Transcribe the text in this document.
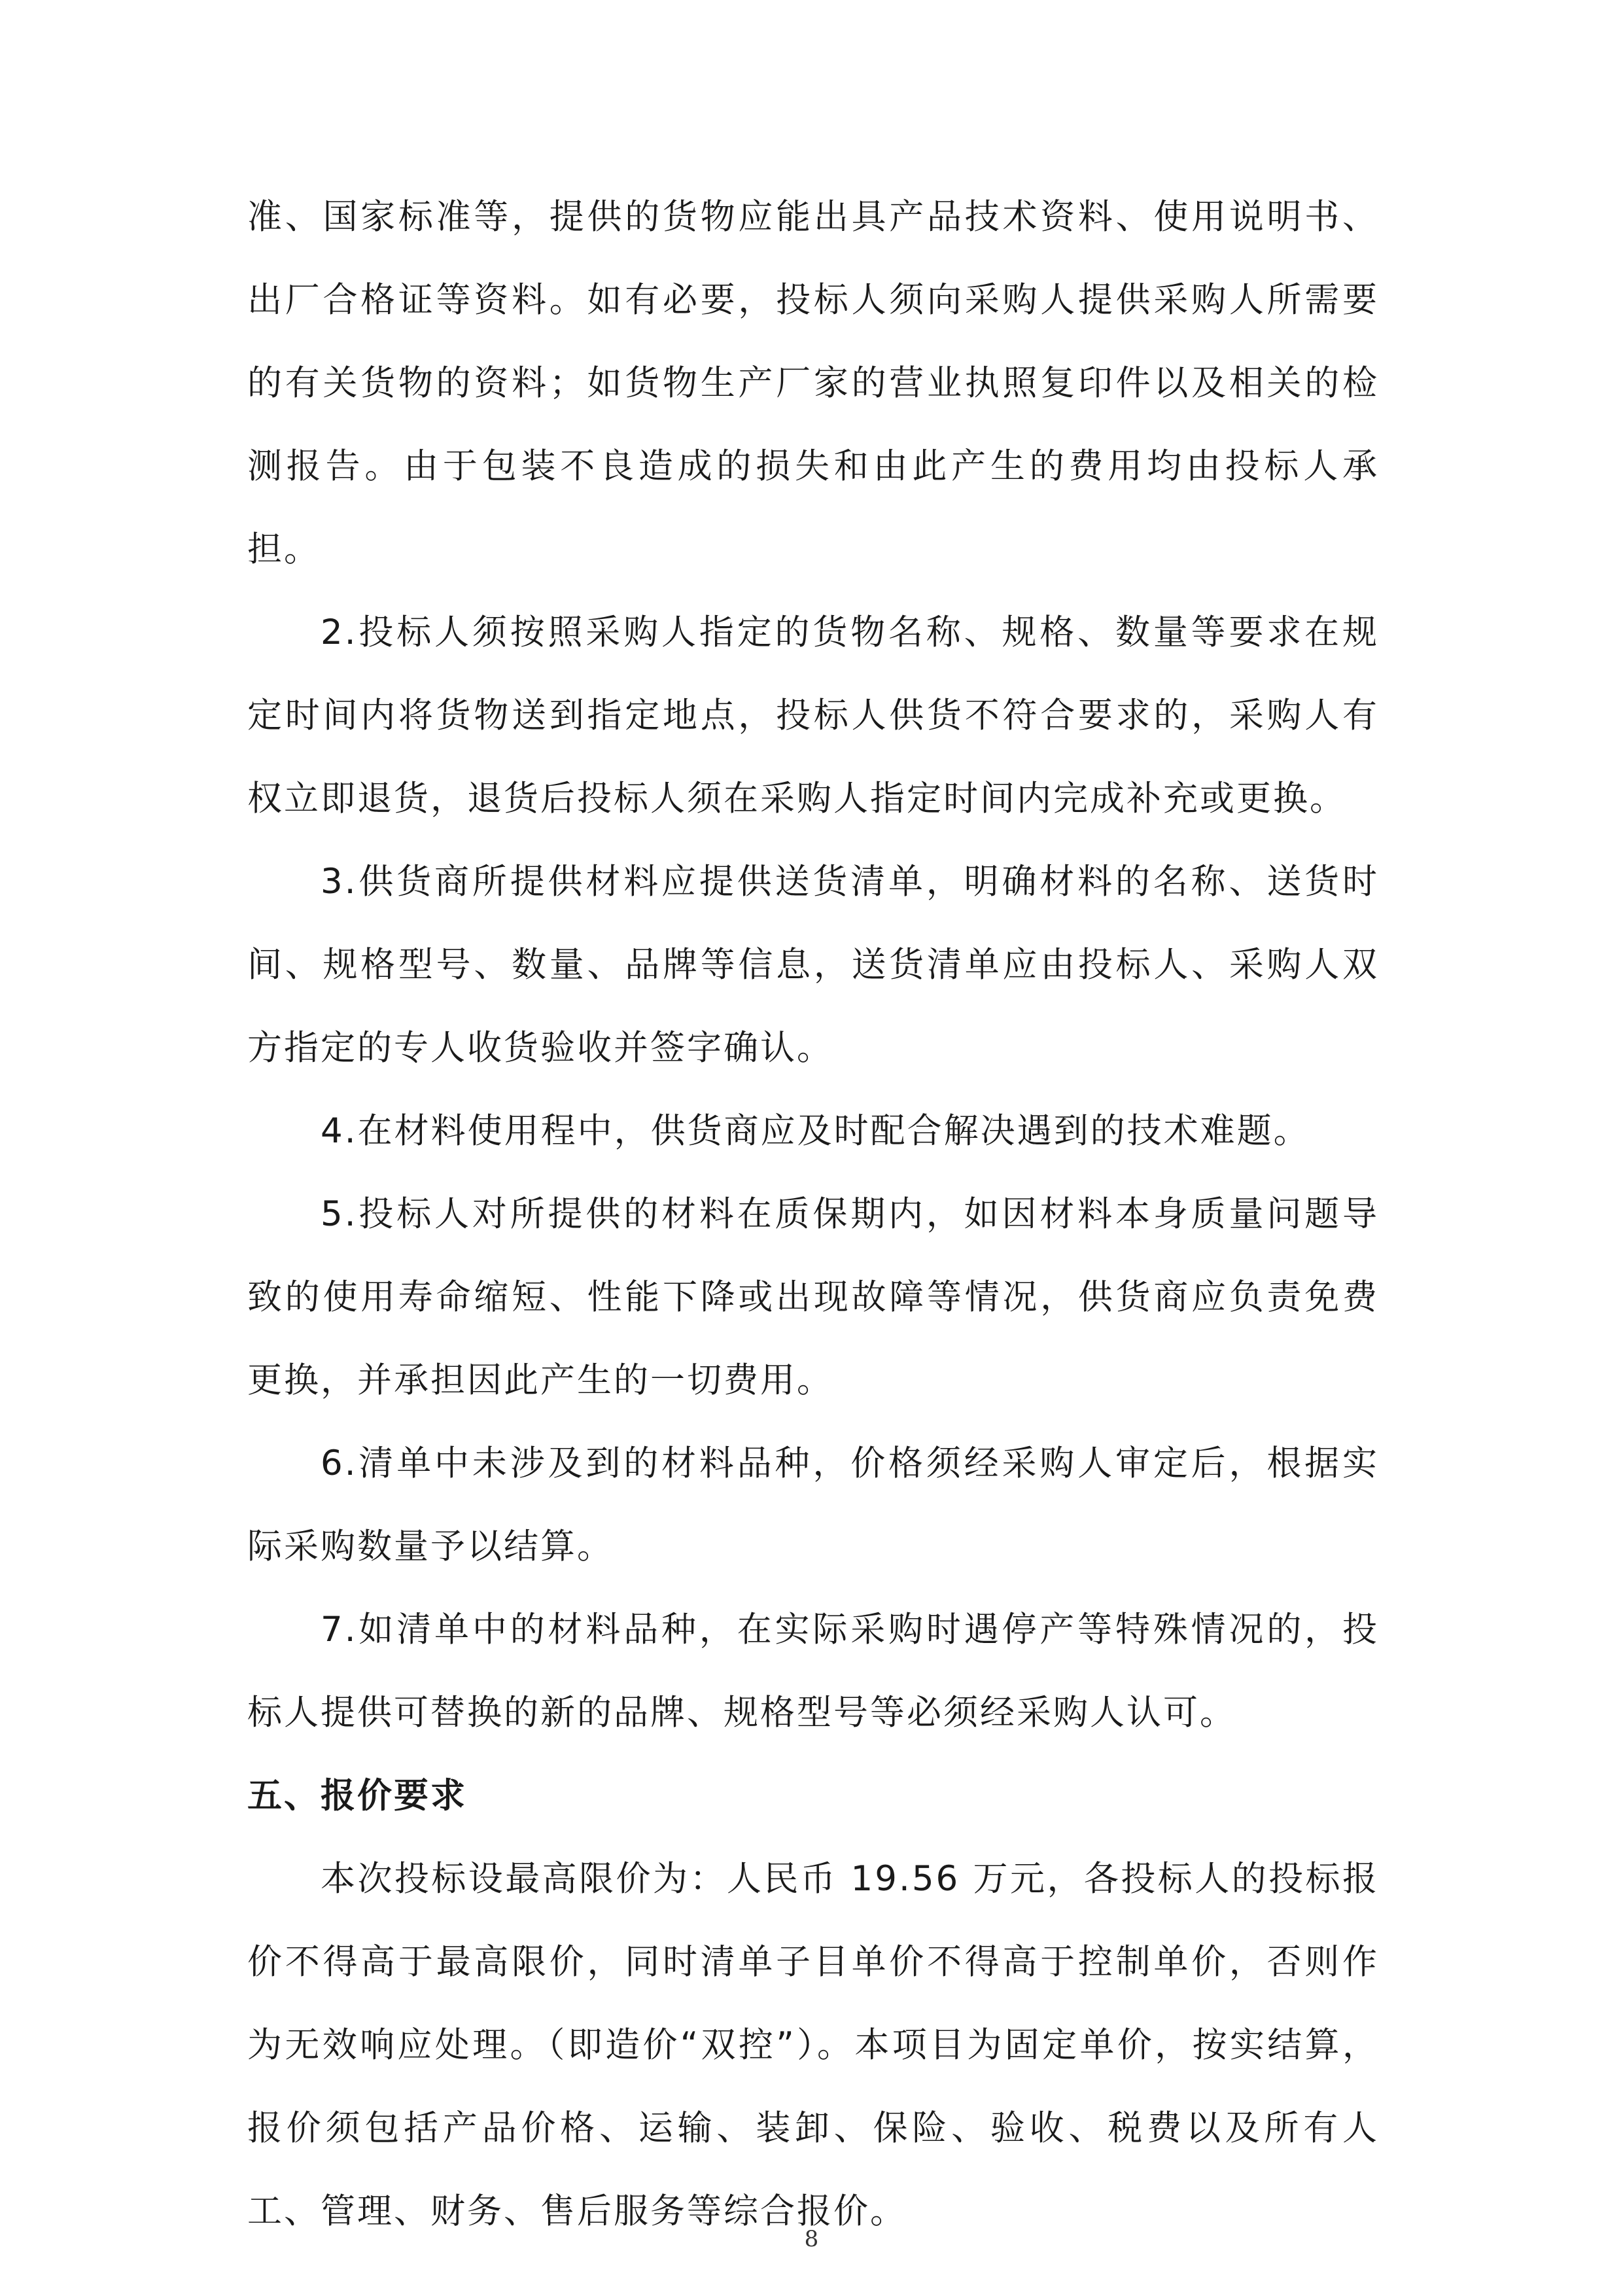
准、国家标准等，提供的货物应能出具产品技术资料、使用说明书、出厂合格证等资料。如有必要，投标人须向采购人提供采购人所需要的有关货物的资料；如货物生产厂家的营业执照复印件以及相关的检测报告。由于包装不良造成的损失和由此产生的费用均由投标人承担。

2.投标人须按照采购人指定的货物名称、规格、数量等要求在规定时间内将货物送到指定地点，投标人供货不符合要求的，采购人有权立即退货，退货后投标人须在采购人指定时间内完成补充或更换。

3.供货商所提供材料应提供送货清单，明确材料的名称、送货时间、规格型号、数量、品牌等信息，送货清单应由投标人、采购人双方指定的专人收货验收并签字确认。

4.在材料使用程中，供货商应及时配合解决遇到的技术难题。

5.投标人对所提供的材料在质保期内，如因材料本身质量问题导致的使用寿命缩短、性能下降或出现故障等情况，供货商应负责免费更换，并承担因此产生的一切费用。

6.清单中未涉及到的材料品种，价格须经采购人审定后，根据实际采购数量予以结算。

7.如清单中的材料品种，在实际采购时遇停产等特殊情况的，投标人提供可替换的新的品牌、规格型号等必须经采购人认可。

五、报价要求

本次投标设最高限价为：人民币 19.56 万元，各投标人的投标报价不得高于最高限价，同时清单子目单价不得高于控制单价，否则作为无效响应处理。（即造价“双控”）。本项目为固定单价，按实结算，报价须包括产品价格、运输、装卸、保险、验收、税费以及所有人工、管理、财务、售后服务等综合报价。

8
